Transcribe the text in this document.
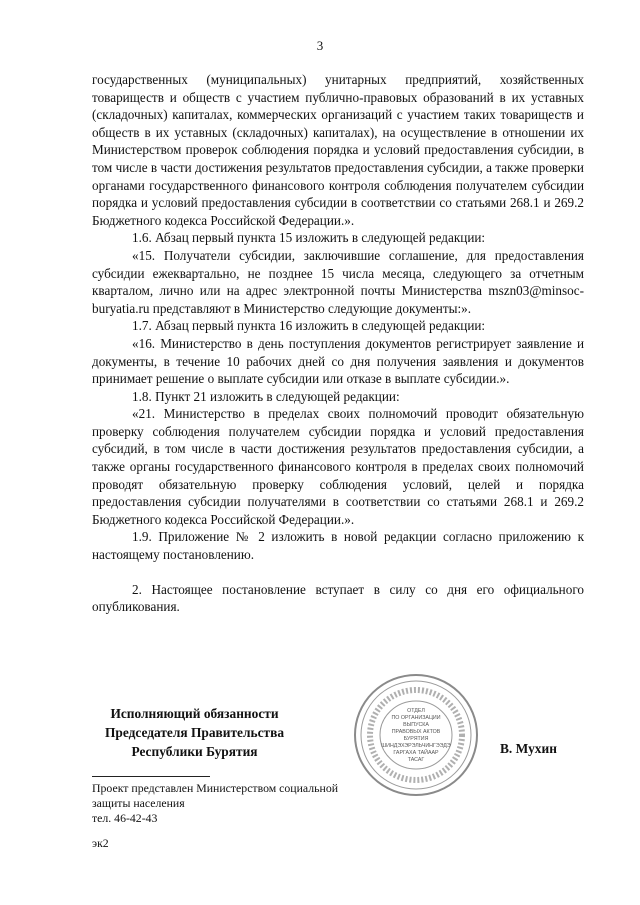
3

государственных (муниципальных) унитарных предприятий, хозяйственных товариществ и обществ с участием публично-правовых образований в их уставных (складочных) капиталах, коммерческих организаций с участием таких товариществ и обществ в их уставных (складочных) капиталах), на осуществление в отношении их Министерством проверок соблюдения порядка и условий предоставления субсидии, в том числе в части достижения результатов предоставления субсидии, а также проверки органами государственного финансового контроля соблюдения получателем субсидии порядка и условий предоставления субсидии в соответствии со статьями 268.1 и 269.2 Бюджетного кодекса Российской Федерации.».

1.6. Абзац первый пункта 15 изложить в следующей редакции:

«15. Получатели субсидии, заключившие соглашение, для предоставления субсидии ежеквартально, не позднее 15 числа месяца, следующего за отчетным кварталом, лично или на адрес электронной почты Министерства mszn03@minsoc-buryatia.ru представляют в Министерство следующие документы:».

1.7. Абзац первый пункта 16 изложить в следующей редакции:

«16. Министерство в день поступления документов регистрирует заявление и документы, в течение 10 рабочих дней со дня получения заявления и документов принимает решение о выплате субсидии или отказе в выплате субсидии.».

1.8. Пункт 21 изложить в следующей редакции:

«21. Министерство в пределах своих полномочий проводит обязательную проверку соблюдения получателем субсидии порядка и условий предоставления субсидий, в том числе в части достижения результатов предоставления субсидии, а также органы государственного финансового контроля в пределах своих полномочий проводят обязательную проверку соблюдения условий, целей и порядка предоставления субсидии получателями в соответствии со статьями 268.1 и 269.2 Бюджетного кодекса Российской Федерации.».

1.9. Приложение № 2 изложить в новой редакции согласно приложению к настоящему постановлению.

2. Настоящее постановление вступает в силу со дня его официального опубликования.

Исполняющий обязанности
Председателя Правительства
Республики Бурятия
ОТДЕЛ
ПО ОРГАНИЗАЦИИ
ВЫПУСКА
ПРАВОВЫХ АКТОВ
БУРЯТИЯ
ШИНДЭХЭРЭЛЬЧИНГЭЭДЭ
ГАРГАХА ТАЙААР
ТАСАГ
В. Мухин
Проект представлен Министерством социальной
защиты населения
тел. 46-42-43
эк2
